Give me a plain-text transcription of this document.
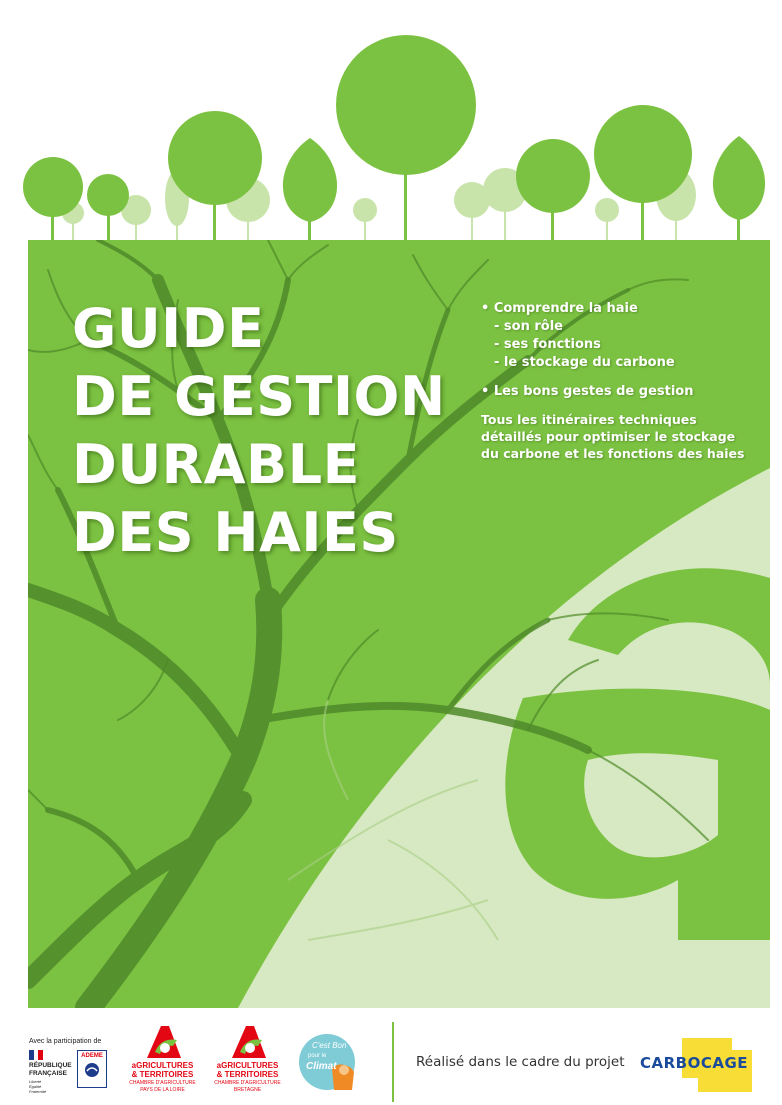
GUIDE
DE GESTION
DURABLE
DES HAIES
• Comprendre la haie
- son rôle
- ses fonctions
- le stockage du carbone
• Les bons gestes de gestion
Tous les itinéraires techniques
détaillés pour optimiser le stockage
du carbone et les fonctions des haies
Avec la participation de
RÉPUBLIQUE
FRANÇAISE
Liberté
Égalité
Fraternité
ADEME
aGRICULTURES
& TERRITOIRES
CHAMBRE D'AGRICULTURE
PAYS DE LA LOIRE
aGRICULTURES
& TERRITOIRES
CHAMBRE D'AGRICULTURE
BRETAGNE
C'est Bon
pour le
Climat	Réalisé dans le cadre du projet CARBOCAGE
